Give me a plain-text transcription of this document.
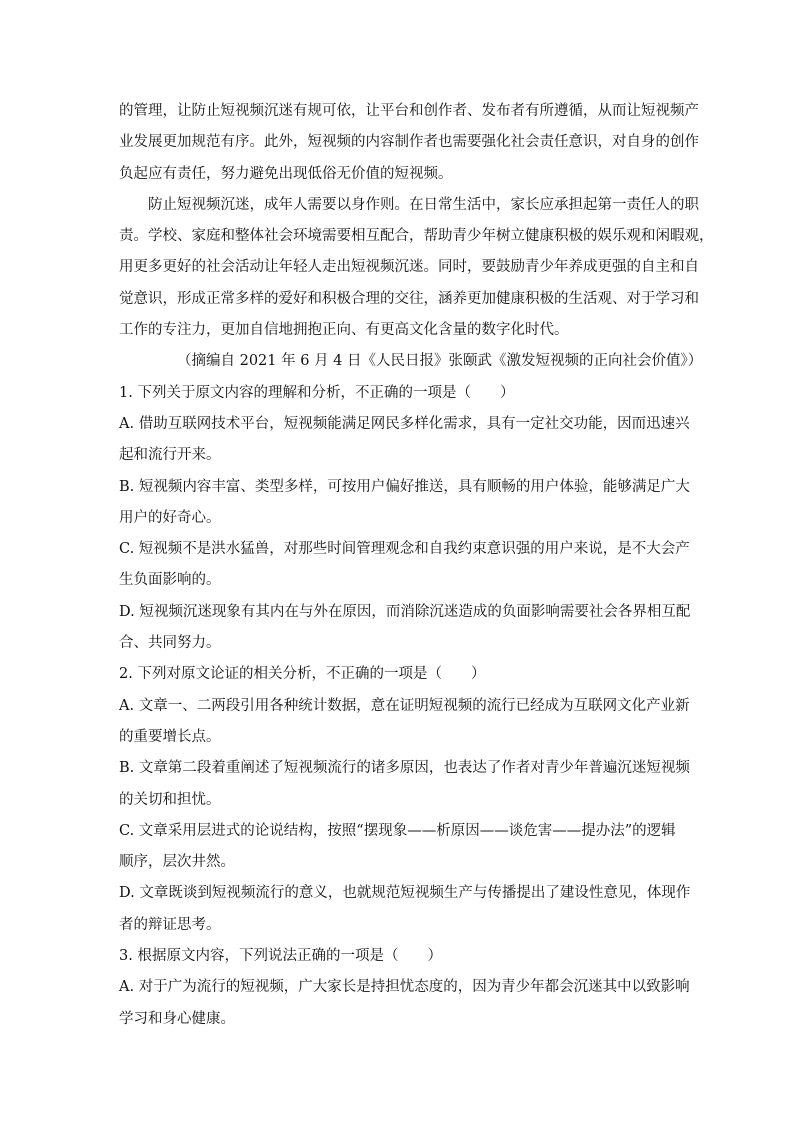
的管理，让防止短视频沉迷有规可依，让平台和创作者、发布者有所遵循，从而让短视频产
业发展更加规范有序。此外，短视频的内容制作者也需要强化社会责任意识，对自身的创作
负起应有责任，努力避免出现低俗无价值的短视频。
防止短视频沉迷，成年人需要以身作则。在日常生活中，家长应承担起第一责任人的职
责。学校、家庭和整体社会环境需要相互配合，帮助青少年树立健康积极的娱乐观和闲暇观，
用更多更好的社会活动让年轻人走出短视频沉迷。同时，要鼓励青少年养成更强的自主和自
觉意识，形成正常多样的爱好和积极合理的交往，涵养更加健康积极的生活观、对于学习和
工作的专注力，更加自信地拥抱正向、有更高文化含量的数字化时代。
（摘编自 2021 年 6 月 4 日《人民日报》张颐武《激发短视频的正向社会价值》）
1. 下列关于原文内容的理解和分析，不正确的一项是（　　）
A. 借助互联网技术平台，短视频能满足网民多样化需求，具有一定社交功能，因而迅速兴
起和流行开来。
B. 短视频内容丰富、类型多样，可按用户偏好推送，具有顺畅的用户体验，能够满足广大
用户的好奇心。
C. 短视频不是洪水猛兽，对那些时间管理观念和自我约束意识强的用户来说，是不大会产
生负面影响的。
D. 短视频沉迷现象有其内在与外在原因，而消除沉迷造成的负面影响需要社会各界相互配
合、共同努力。
2. 下列对原文论证的相关分析，不正确的一项是（　　）
A. 文章一、二两段引用各种统计数据，意在证明短视频的流行已经成为互联网文化产业新
的重要增长点。
B. 文章第二段着重阐述了短视频流行的诸多原因，也表达了作者对青少年普遍沉迷短视频
的关切和担忧。
C. 文章采用层进式的论说结构，按照“摆现象——析原因——谈危害——提办法”的逻辑
顺序，层次井然。
D. 文章既谈到短视频流行的意义，也就规范短视频生产与传播提出了建设性意见，体现作
者的辩证思考。
3. 根据原文内容，下列说法正确的一项是（　　）
A. 对于广为流行的短视频，广大家长是持担忧态度的，因为青少年都会沉迷其中以致影响
学习和身心健康。
